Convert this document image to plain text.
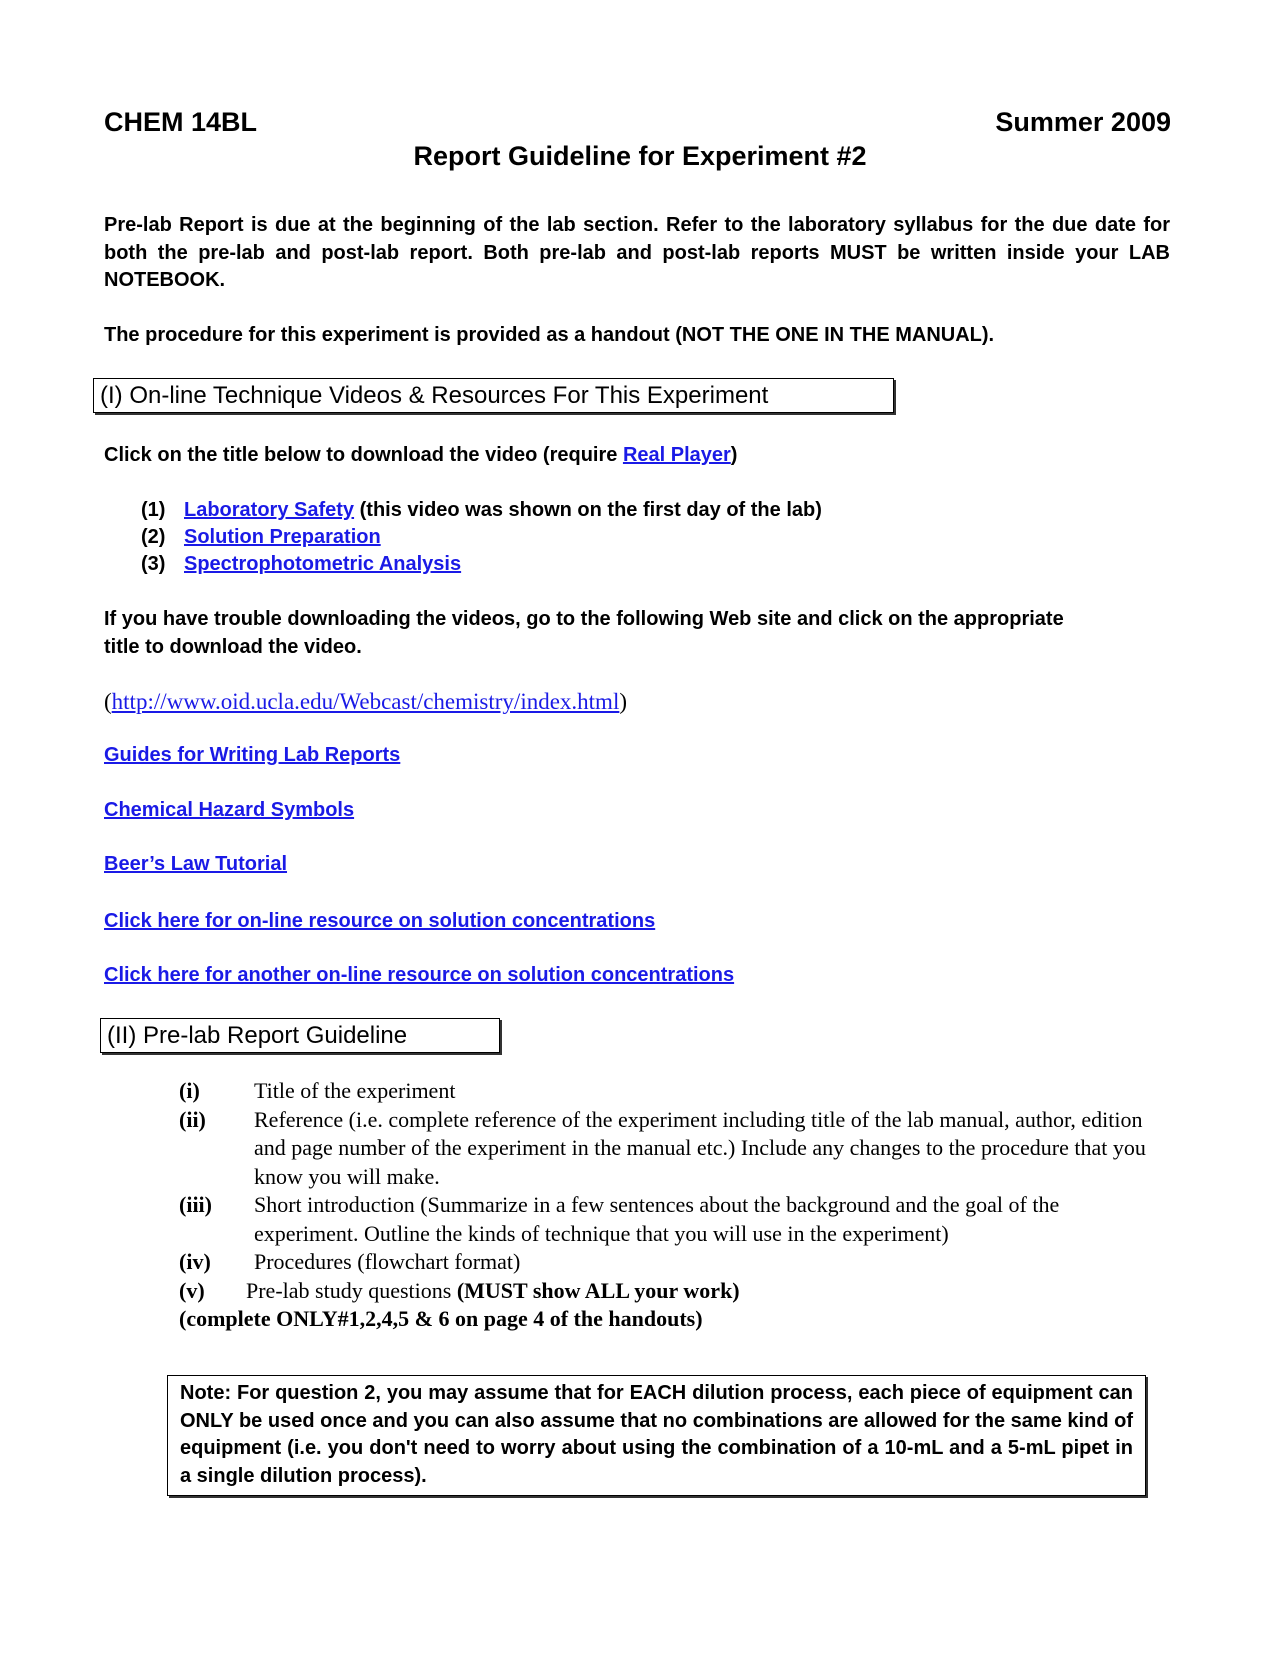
CHEM 14BL	Summer 2009
Report Guideline for Experiment #2
Pre-lab Report is due at the beginning of the lab section. Refer to the laboratory syllabus for the due date for both the pre-lab and post-lab report. Both pre-lab and post-lab reports MUST be written inside your LAB NOTEBOOK.
The procedure for this experiment is provided as a handout (NOT THE ONE IN THE MANUAL).
(I) On-line Technique Videos & Resources For This Experiment
Click on the title below to download the video (require Real Player)
(1) Laboratory Safety (this video was shown on the first day of the lab)
(2) Solution Preparation
(3) Spectrophotometric Analysis
If you have trouble downloading the videos, go to the following Web site and click on the appropriate title to download the video.
(http://www.oid.ucla.edu/Webcast/chemistry/index.html)
Guides for Writing Lab Reports
Chemical Hazard Symbols
Beer’s Law Tutorial
Click here for on-line resource on solution concentrations
Click here for another on-line resource on solution concentrations
(II) Pre-lab Report Guideline
(i)	Title of the experiment
(ii)	Reference (i.e. complete reference of the experiment including title of the lab manual, author, edition and page number of the experiment in the manual etc.) Include any changes to the procedure that you know you will make.
(iii)	Short introduction (Summarize in a few sentences about the background and the goal of the experiment. Outline the kinds of technique that you will use in the experiment)
(iv)	Procedures (flowchart format)
(v)	Pre-lab study questions (MUST show ALL your work)
(complete ONLY#1,2,4,5 & 6 on page 4 of the handouts)
Note: For question 2, you may assume that for EACH dilution process, each piece of equipment can ONLY be used once and you can also assume that no combinations are allowed for the same kind of equipment (i.e. you don't need to worry about using the combination of a 10-mL and a 5-mL pipet in a single dilution process).
